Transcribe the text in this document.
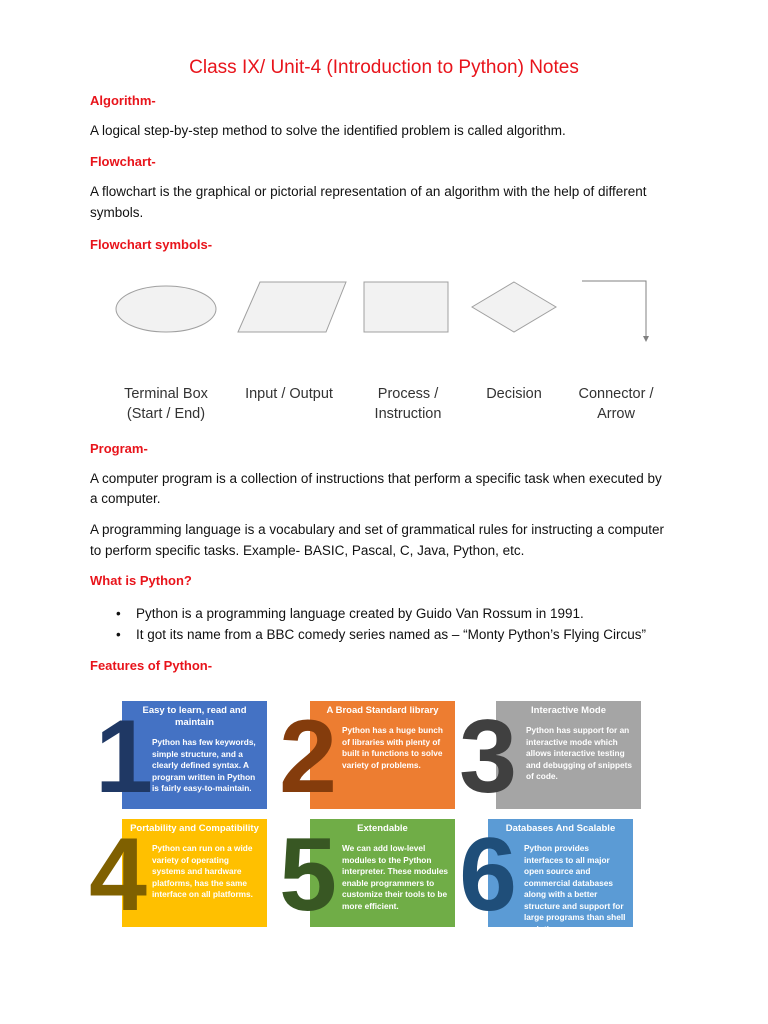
Class IX/ Unit-4 (Introduction to Python) Notes
Algorithm-
A logical step-by-step method to solve the identified problem is called algorithm.
Flowchart-
A flowchart is the graphical or pictorial representation of an algorithm with the help of different
symbols.
Flowchart symbols-
Terminal Box
(Start / End)
Input / Output	Process /
Instruction
Decision	Connector /
Arrow
Program-
A computer program is a collection of instructions that perform a specific task when executed by
a computer.
A programming language is a vocabulary and set of grammatical rules for instructing a computer
to perform specific tasks. Example- BASIC, Pascal, C, Java, Python, etc.
What is Python?
• Python is a programming language created by Guido Van Rossum in 1991.
• It got its name from a BBC comedy series named as – “Monty Python’s Flying Circus”
Features of Python-
Easy to learn, read and maintain
Python has few keywords, simple structure, and a clearly defined syntax. A program written in Python is fairly easy-to-maintain.
1	A Broad Standard library
Python has a huge bunch of libraries with plenty of built in functions to solve variety of problems.
2	Interactive Mode
Python has support for an interactive mode which allows interactive testing and debugging of snippets of code.
3
Portability and Compatibility
Python can run on a wide variety of operating systems and hardware platforms, has the same interface on all platforms.
4	Extendable
We can add low-level modules to the Python interpreter. These modules enable programmers to customize their tools to be more efficient.
5	Databases And Scalable
Python provides interfaces to all major open source and commercial databases along with a better structure and support for large programs than shell scripting.
6
